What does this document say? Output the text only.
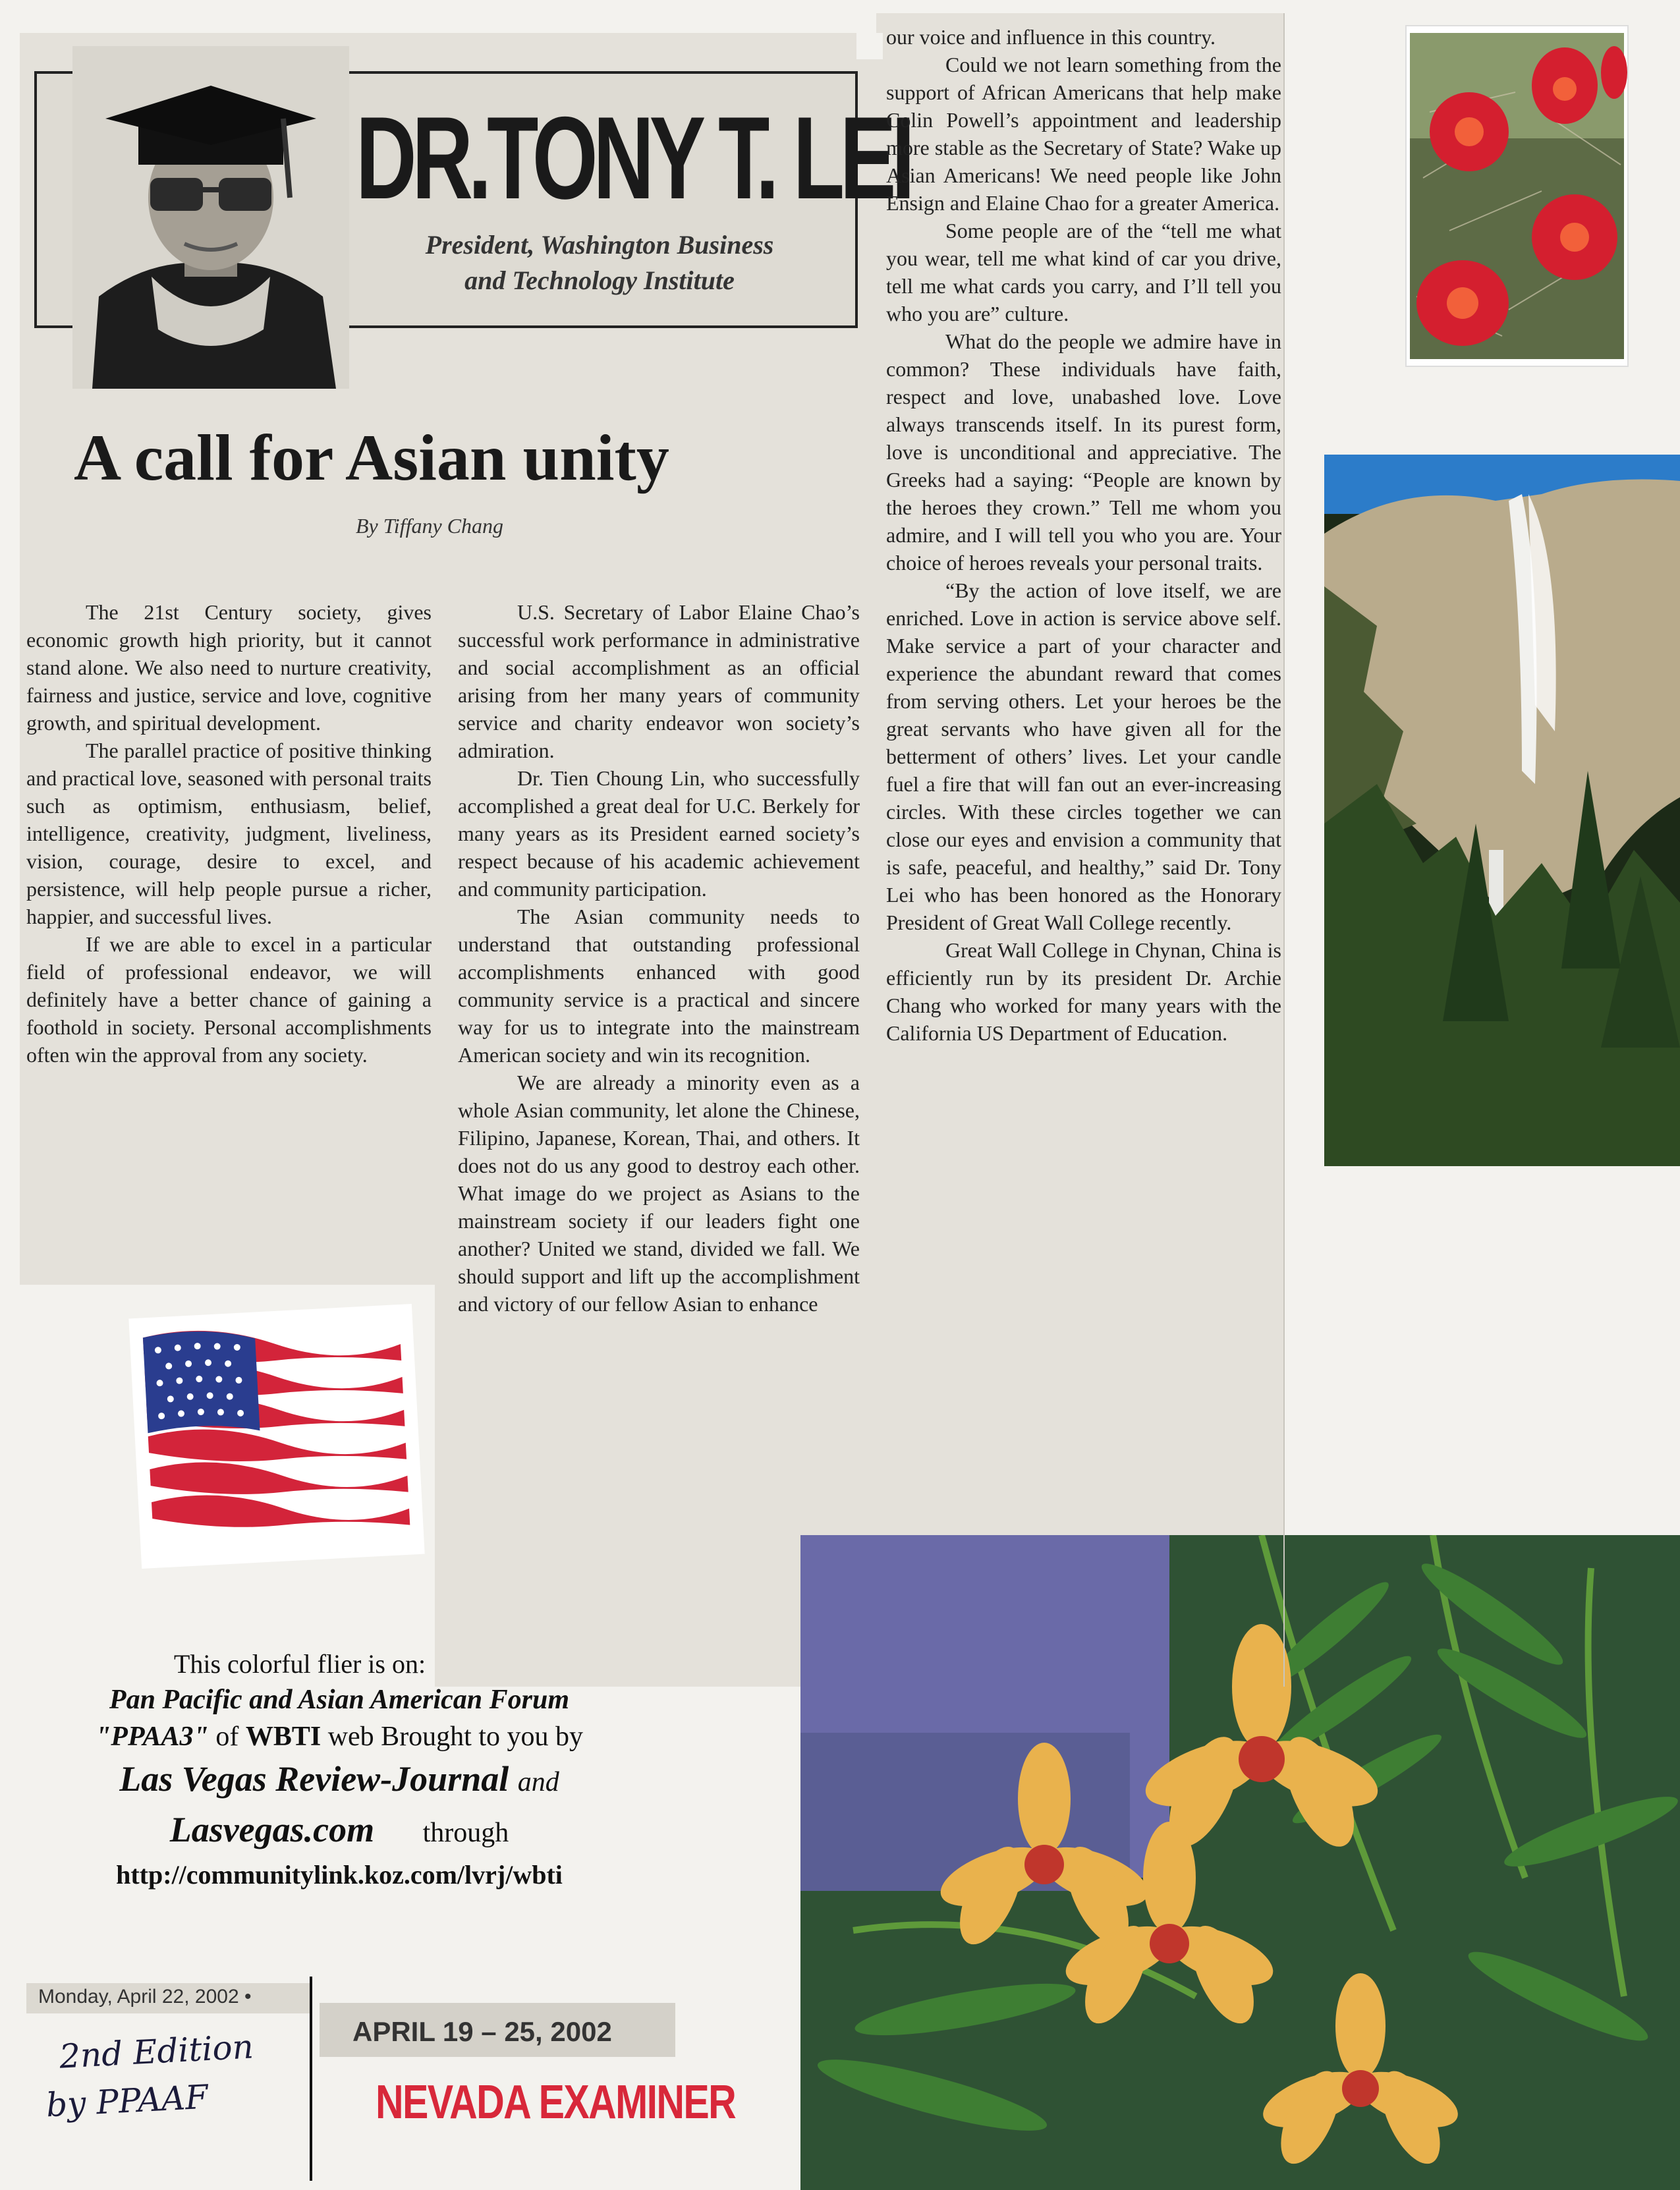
DR.TONY T. LEI
President, Washington Business
and Technology Institute
A call for Asian unity
By Tiffany Chang

The 21st Century society, gives economic growth high priority, but it cannot stand alone. We also need to nurture creativity, fairness and justice, service and love, cognitive growth, and spiritual development.

The parallel practice of positive thinking and practical love, seasoned with personal traits such as optimism, enthusiasm, belief, intelligence, creativity, judgment, liveliness, vision, courage, desire to excel, and persistence, will help people pursue a richer, happier, and successful lives.

If we are able to excel in a particular field of professional endeavor, we will definitely have a better chance of gaining a foothold in society. Personal accomplishments often win the approval from any society.

U.S. Secretary of Labor Elaine Chao’s successful work performance in administrative and social accomplishment as an official arising from her many years of community service and charity endeavor won society’s admiration.

Dr. Tien Choung Lin, who successfully accomplished a great deal for U.C. Berkely for many years as its President earned society’s respect because of his academic achievement and community participation.

The Asian community needs to understand that outstanding professional accomplishments enhanced with good community service is a practical and sincere way for us to integrate into the mainstream American society and win its recognition.

We are already a minority even as a whole Asian community, let alone the Chinese, Filipino, Japanese, Korean, Thai, and others. It does not do us any good to destroy each other. What image do we project as Asians to the mainstream society if our leaders fight one another? United we stand, divided we fall. We should support and lift up the accomplishment and victory of our fellow Asian to enhance

our voice and influence in this country.

Could we not learn something from the support of African Americans that help make Colin Powell’s appointment and leadership more stable as the Secretary of State? Wake up Asian Americans! We need people like John Ensign and Elaine Chao for a greater America.

Some people are of the “tell me what you wear, tell me what kind of car you drive, tell me what cards you carry, and I’ll tell you who you are” culture.

What do the people we admire have in common? These individuals have faith, respect and love, unabashed love. Love always transcends itself. In its purest form, love is unconditional and appreciative. The Greeks had a saying: “People are known by the heroes they crown.” Tell me whom you admire, and I will tell you who you are. Your choice of heroes reveals your personal traits.

“By the action of love itself, we are enriched. Love in action is service above self. Make service a part of your character and experience the abundant reward that comes from serving others. Let your heroes be the great servants who have given all for the betterment of others’ lives. Let your candle fuel a fire that will fan out an ever-increasing circles. With these circles together we can close our eyes and envision a community that is safe, peaceful, and healthy,” said Dr. Tony Lei who has been honored as the Honorary President of Great Wall College recently.

Great Wall College in Chynan, China is efficiently run by its president Dr. Archie Chang who worked for many years with the California US Department of Education.

This colorful flier is on:
Pan Pacific and Asian American Forum
"PPAA3" of WBTI web Brought to you by
Las Vegas Review-Journal and
Lasvegas.com through
http://communitylink.koz.com/lvrj/wbti
Monday, April 22, 2002 •
2nd Edition
by PPAAF
APRIL 19 – 25, 2002
NEVADA EXAMINER
